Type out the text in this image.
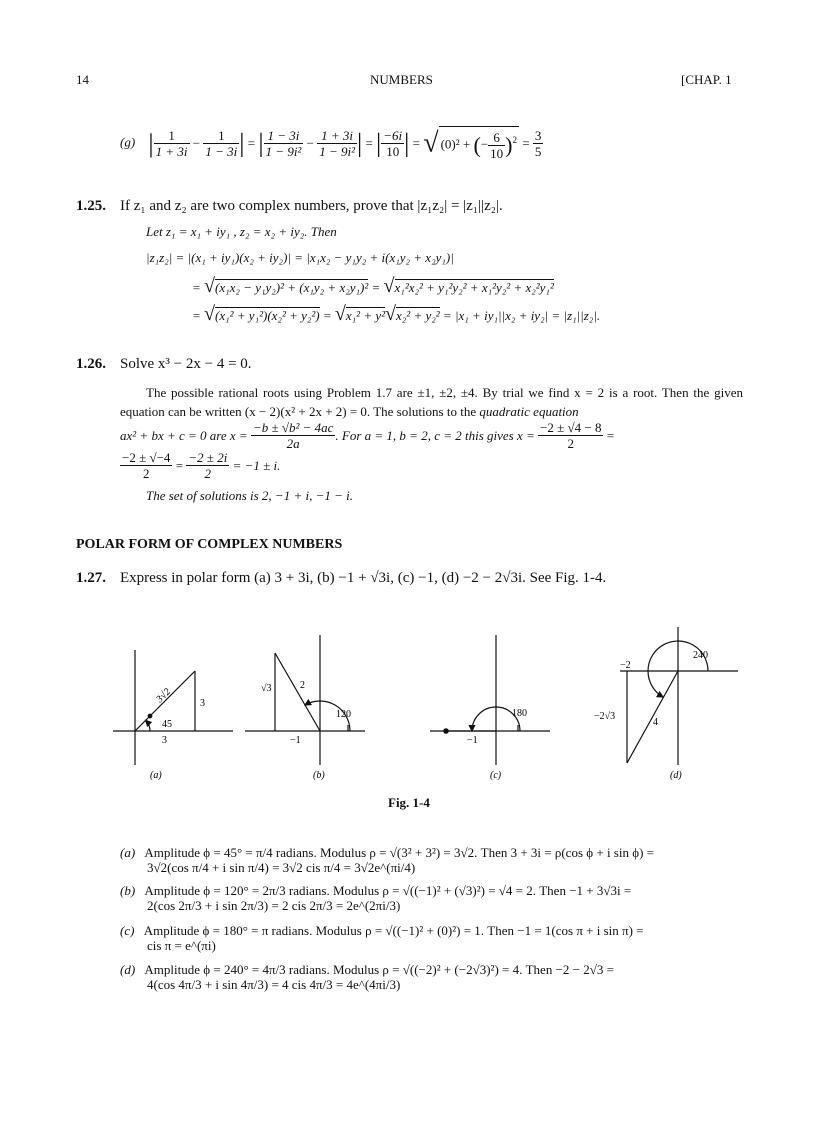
14	NUMBERS	[CHAP. 1
(g) | $\frac{1}{1 + 3i} - \frac{1}{1 - 3i}$ | = | $\frac{1 - 3i}{\text{1 − 9i²}} - \frac{1 + 3i}{\text{1 − 9i²}}$ | = | $\frac{-6i}{10}$ | = √ (0)² + (− $\frac{6}{10} )^2 = \frac{3}{5}$
1.25. If z₁ and z₂ are two complex numbers, prove that |z₁z₂| = |z₁||z₂|.
Let z₁ = x₁ + iy₁ , z₂ = x₂ + iy₂. Then
|z₁z₂| = |(x₁ + iy₁)(x₂ + iy₂)| = |x₁x₂ − y₁y₂ + i(x₁y₂ + x₂y₁)|
= √(x₁x₂ − y₁y₂)² + (x₁y₂ + x₂y₁)² = √x₁²x₂² + y₁²y₂² + x₁²y₂² + x₂²y₁²
= √(x₁² + y₁²)(x₂² + y₂²) = √x₁² + y²√x₂² + y₂² = |x₁ + iy₁||x₂ + iy₂| = |z₁||z₂|.
1.26. Solve x³ − 2x − 4 = 0.
The possible rational roots using Problem 1.7 are ±1, ±2, ±4. By trial we find x = 2 is a root. Then the given equation can be written (x − 2)(x² + 2x + 2) = 0. The solutions to the quadratic equation
ax² + bx + c = 0 are $x = \frac{\text{−b ± √b² − 4ac}}{2a}$ . For a = 1, b = 2, c = 2 this gives $x = \frac{-2 \pm √4 - 8}{2}$ =
$\frac{-2 \pm √-4}{2} = \frac{-2 \pm 2i}{2} = -1 \pm i$.
The set of solutions is 2, −1 + i, −1 − i.
POLAR FORM OF COMPLEX NUMBERS
1.27. Express in polar form (a) 3 + 3i, (b) −1 + √3i, (c) −1, (d) −2 − 2√3i. See Fig. 1-4.
3√2	3
45
3
(a)
√3	2
120
−1
(b)
180
−1
(c)
240
−2
−2√3
4
(d)
Fig. 1-4
(a) Amplitude ϕ = 45° = π/4 radians. Modulus ρ = √(3² + 3²) = 3√2. Then 3 + 3i = ρ(cos ϕ + i sin ϕ) =
3√2(cos π/4 + i sin π/4) = 3√2 cis π/4 = 3√2e^(πi/4)
(b) Amplitude ϕ = 120° = 2π/3 radians. Modulus ρ = √((−1)² + (√3)²) = √4 = 2. Then −1 + 3√3i =
2(cos 2π/3 + i sin 2π/3) = 2 cis 2π/3 = 2e^(2πi/3)
(c) Amplitude ϕ = 180° = π radians. Modulus ρ = √((−1)² + (0)²) = 1. Then −1 = 1(cos π + i sin π) =
cis π = e^(πi)
(d) Amplitude ϕ = 240° = 4π/3 radians. Modulus ρ = √((−2)² + (−2√3)²) = 4. Then −2 − 2√3 =
4(cos 4π/3 + i sin 4π/3) = 4 cis 4π/3 = 4e^(4πi/3)
